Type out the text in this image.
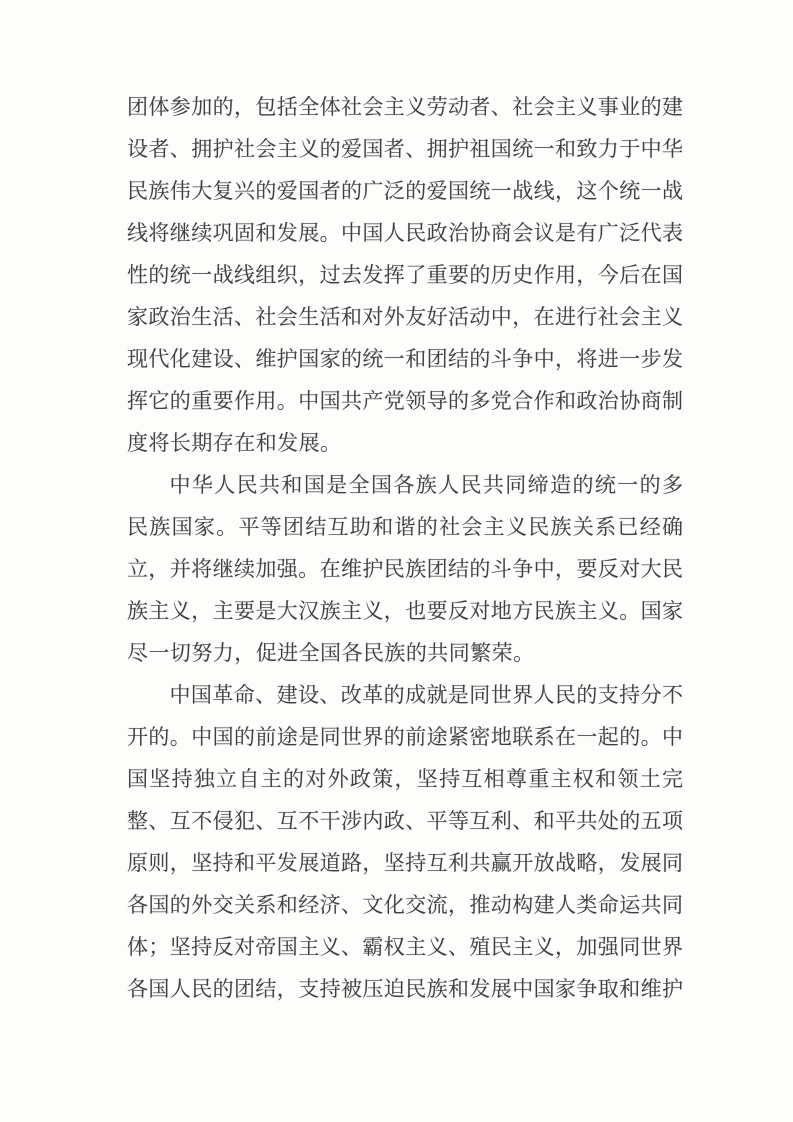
团体参加的，包括全体社会主义劳动者、社会主义事业的建
设者、拥护社会主义的爱国者、拥护祖国统一和致力于中华
民族伟大复兴的爱国者的广泛的爱国统一战线，这个统一战
线将继续巩固和发展。中国人民政治协商会议是有广泛代表
性的统一战线组织，过去发挥了重要的历史作用，今后在国
家政治生活、社会生活和对外友好活动中，在进行社会主义
现代化建设、维护国家的统一和团结的斗争中，将进一步发
挥它的重要作用。中国共产党领导的多党合作和政治协商制
度将长期存在和发展。
中华人民共和国是全国各族人民共同缔造的统一的多
民族国家。平等团结互助和谐的社会主义民族关系已经确
立，并将继续加强。在维护民族团结的斗争中，要反对大民
族主义，主要是大汉族主义，也要反对地方民族主义。国家
尽一切努力，促进全国各民族的共同繁荣。
中国革命、建设、改革的成就是同世界人民的支持分不
开的。中国的前途是同世界的前途紧密地联系在一起的。中
国坚持独立自主的对外政策，坚持互相尊重主权和领土完
整、互不侵犯、互不干涉内政、平等互利、和平共处的五项
原则，坚持和平发展道路，坚持互利共赢开放战略，发展同
各国的外交关系和经济、文化交流，推动构建人类命运共同
体；坚持反对帝国主义、霸权主义、殖民主义，加强同世界
各国人民的团结，支持被压迫民族和发展中国家争取和维护
